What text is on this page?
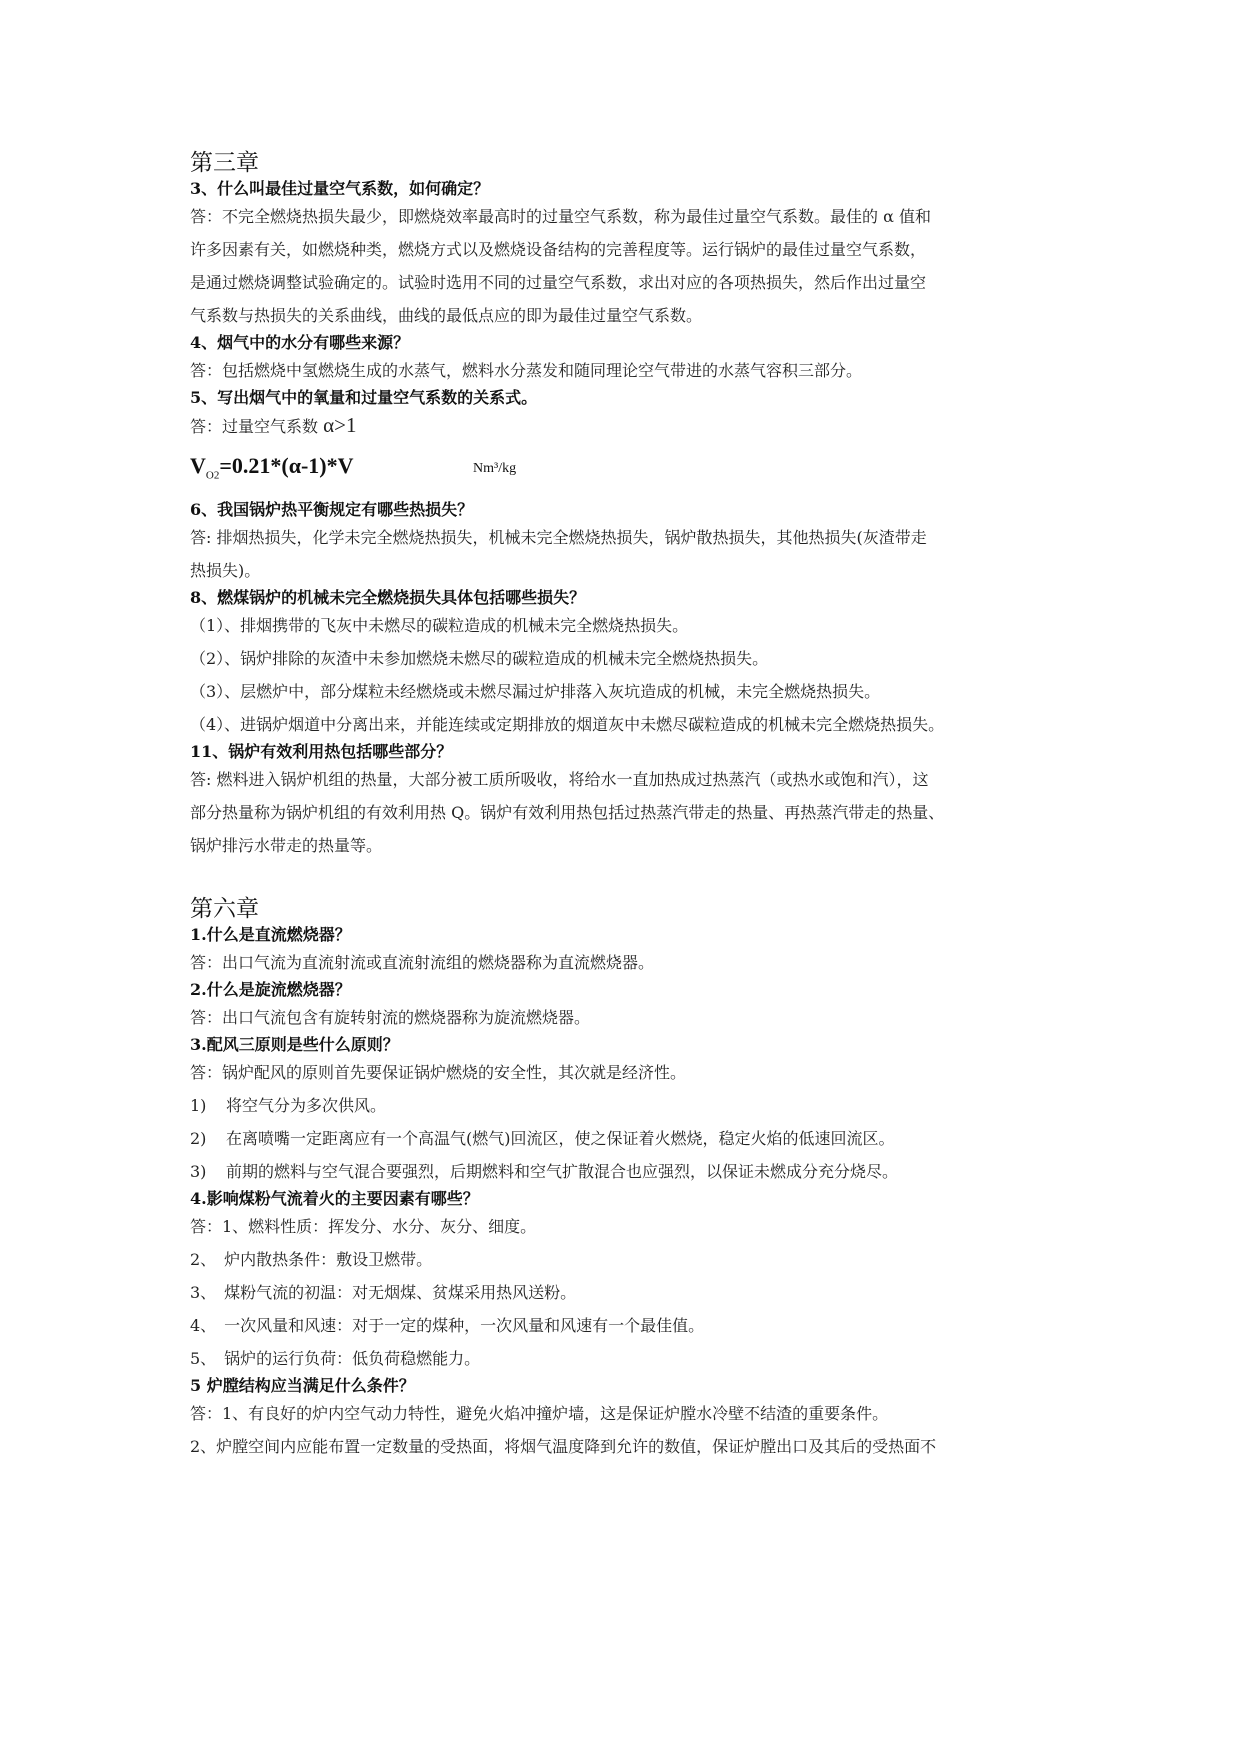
第三章

3、什么叫最佳过量空气系数，如何确定？

答：不完全燃烧热损失最少，即燃烧效率最高时的过量空气系数，称为最佳过量空气系数。最佳的 α 值和

许多因素有关，如燃烧种类，燃烧方式以及燃烧设备结构的完善程度等。运行锅炉的最佳过量空气系数，

是通过燃烧调整试验确定的。试验时选用不同的过量空气系数，求出对应的各项热损失，然后作出过量空

气系数与热损失的关系曲线，曲线的最低点应的即为最佳过量空气系数。

4、烟气中的水分有哪些来源？

答：包括燃烧中氢燃烧生成的水蒸气，燃料水分蒸发和随同理论空气带进的水蒸气容积三部分。

5、写出烟气中的氧量和过量空气系数的关系式。

答：过量空气系数 α>1

$V_{O2}=0.21*(\alpha-1)*V$	Nm³/kg

6、我国锅炉热平衡规定有哪些热损失？

答: 排烟热损失，化学未完全燃烧热损失，机械未完全燃烧热损失，锅炉散热损失，其他热损失(灰渣带走

热损失)。

8、燃煤锅炉的机械未完全燃烧损失具体包括哪些损失？

（1）、排烟携带的飞灰中未燃尽的碳粒造成的机械未完全燃烧热损失。

（2）、锅炉排除的灰渣中未参加燃烧未燃尽的碳粒造成的机械未完全燃烧热损失。

（3）、层燃炉中，部分煤粒未经燃烧或未燃尽漏过炉排落入灰坑造成的机械，未完全燃烧热损失。

（4）、进锅炉烟道中分离出来，并能连续或定期排放的烟道灰中未燃尽碳粒造成的机械未完全燃烧热损失。

11、锅炉有效利用热包括哪些部分？

答: 燃料进入锅炉机组的热量，大部分被工质所吸收，将给水一直加热成过热蒸汽（或热水或饱和汽），这

部分热量称为锅炉机组的有效利用热 Q。锅炉有效利用热包括过热蒸汽带走的热量、再热蒸汽带走的热量、

锅炉排污水带走的热量等。

第六章

1.什么是直流燃烧器？

答：出口气流为直流射流或直流射流组的燃烧器称为直流燃烧器。

2.什么是旋流燃烧器？

答：出口气流包含有旋转射流的燃烧器称为旋流燃烧器。

3.配风三原则是些什么原则？

答：锅炉配风的原则首先要保证锅炉燃烧的安全性，其次就是经济性。

1) 将空气分为多次供风。

2) 在离喷嘴一定距离应有一个高温气(燃气)回流区，使之保证着火燃烧，稳定火焰的低速回流区。

3) 前期的燃料与空气混合要强烈，后期燃料和空气扩散混合也应强烈，以保证未燃成分充分烧尽。

4.影响煤粉气流着火的主要因素有哪些？

答：1、燃料性质：挥发分、水分、灰分、细度。

2、　炉内散热条件：敷设卫燃带。

3、　煤粉气流的初温：对无烟煤、贫煤采用热风送粉。

4、　一次风量和风速：对于一定的煤种，一次风量和风速有一个最佳值。

5、　锅炉的运行负荷：低负荷稳燃能力。

5 炉膛结构应当满足什么条件？

答：1、有良好的炉内空气动力特性，避免火焰冲撞炉墙，这是保证炉膛水冷壁不结渣的重要条件。

2、炉膛空间内应能布置一定数量的受热面，将烟气温度降到允许的数值，保证炉膛出口及其后的受热面不
